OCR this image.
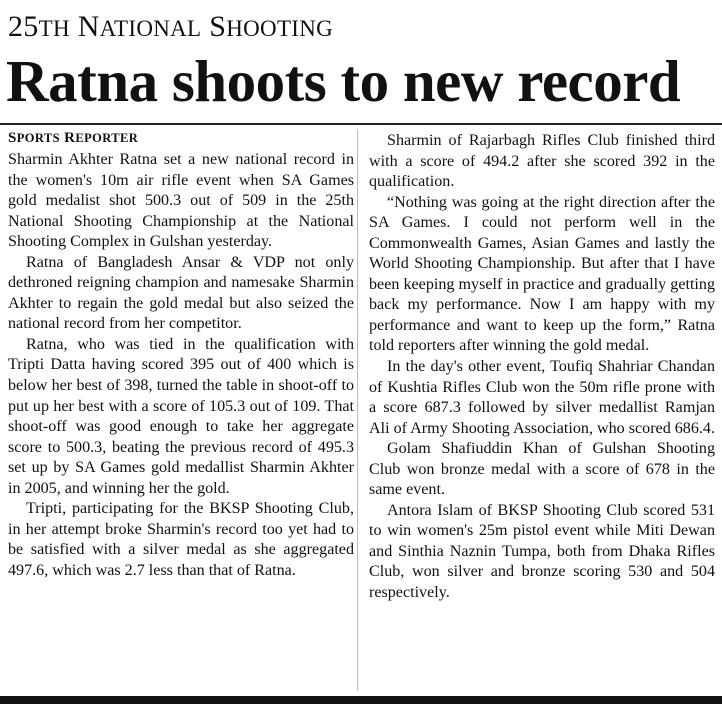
25TH NATIONAL SHOOTING
Ratna shoots to new record
SPORTS REPORTER

Sharmin Akhter Ratna set a new national record in the women's 10m air rifle event when SA Games gold medalist shot 500.3 out of 509 in the 25th National Shooting Championship at the National Shooting Complex in Gulshan yesterday.

Ratna of Bangladesh Ansar & VDP not only dethroned reigning champion and namesake Sharmin Akhter to regain the gold medal but also seized the national record from her competitor.

Ratna, who was tied in the qualification with Tripti Datta having scored 395 out of 400 which is below her best of 398, turned the table in shoot-off to put up her best with a score of 105.3 out of 109. That shoot-off was good enough to take her aggregate score to 500.3, beating the previous record of 495.3 set up by SA Games gold medallist Sharmin Akhter in 2005, and winning her the gold.

Tripti, participating for the BKSP Shooting Club, in her attempt broke Sharmin's record too yet had to be satisfied with a silver medal as she aggregated 497.6, which was 2.7 less than that of Ratna.

Sharmin of Rajarbagh Rifles Club finished third with a score of 494.2 after she scored 392 in the qualification.

“Nothing was going at the right direction after the SA Games. I could not perform well in the Commonwealth Games, Asian Games and lastly the World Shooting Championship. But after that I have been keeping myself in practice and gradually getting back my performance. Now I am happy with my performance and want to keep up the form,” Ratna told reporters after winning the gold medal.

In the day's other event, Toufiq Shahriar Chandan of Kushtia Rifles Club won the 50m rifle prone with a score 687.3 followed by silver medallist Ramjan Ali of Army Shooting Association, who scored 686.4.

Golam Shafiuddin Khan of Gulshan Shooting Club won bronze medal with a score of 678 in the same event.

Antora Islam of BKSP Shooting Club scored 531 to win women's 25m pistol event while Miti Dewan and Sinthia Naznin Tumpa, both from Dhaka Rifles Club, won silver and bronze scoring 530 and 504 respectively.
